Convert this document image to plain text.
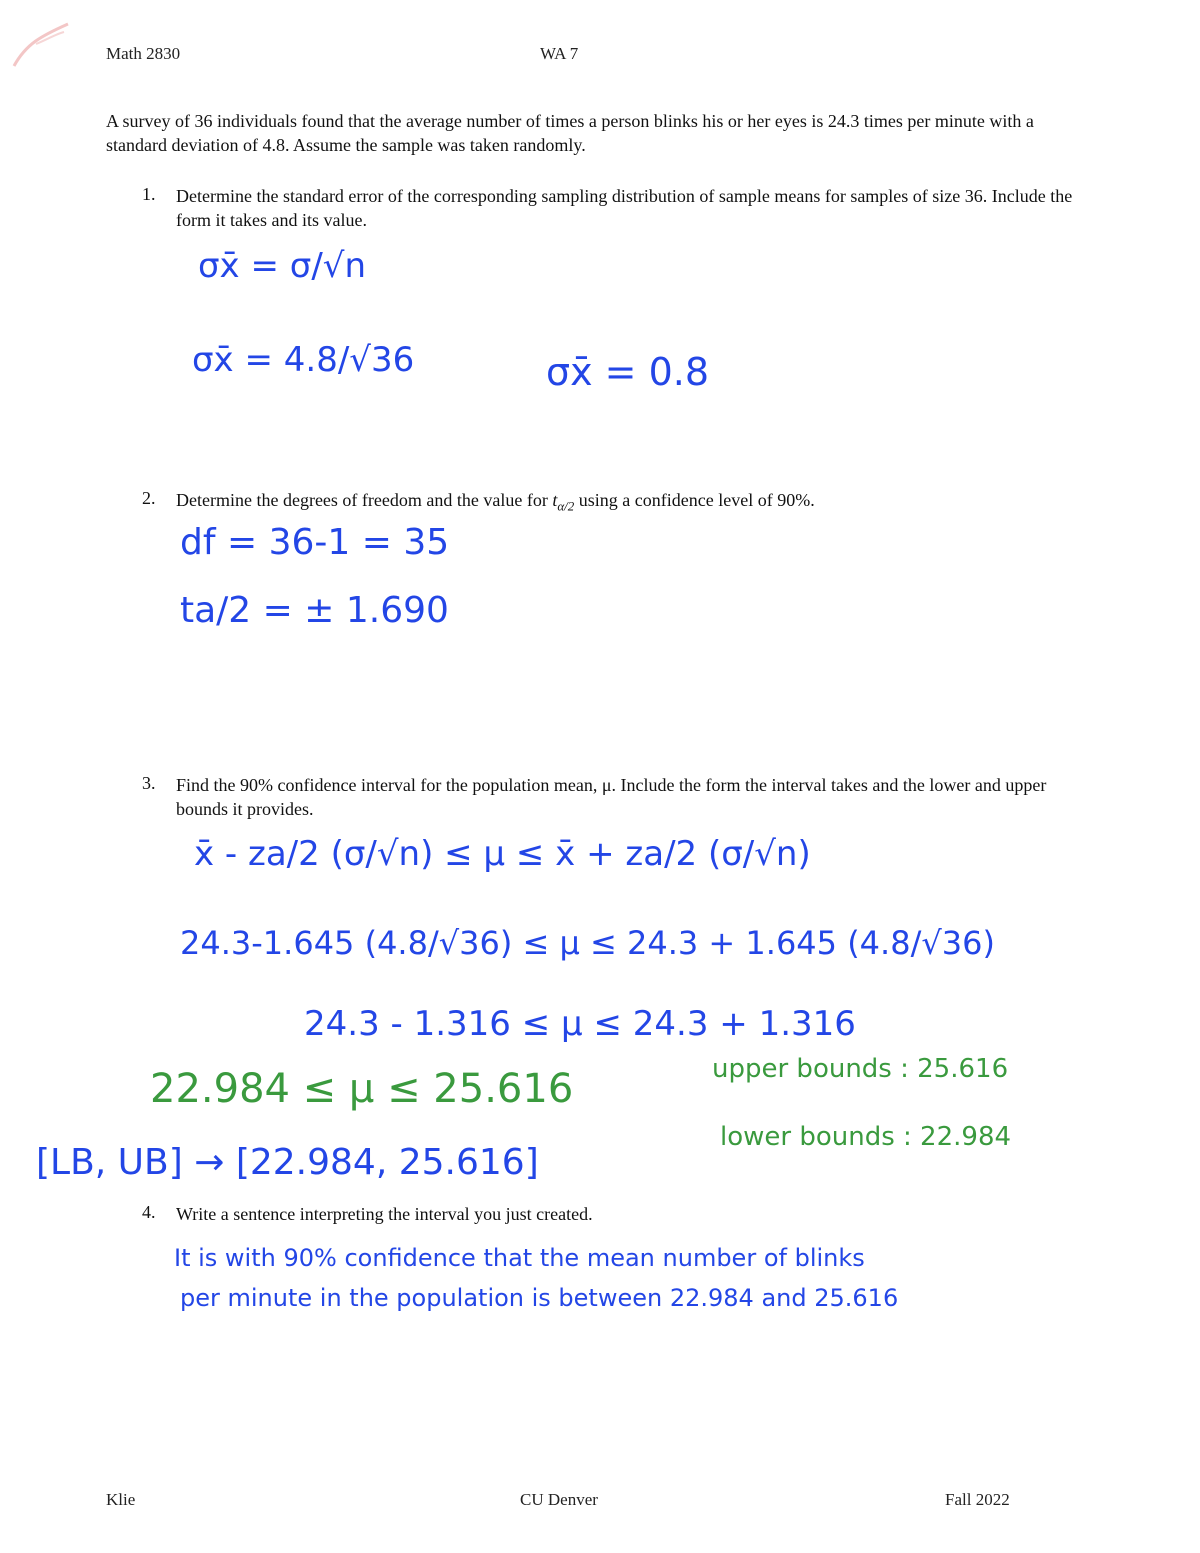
Math 2830	WA 7

A survey of 36 individuals found that the average number of times a person blinks his or her eyes is 24.3 times per minute with a standard deviation of 4.8. Assume the sample was taken randomly.

1. Determine the standard error of the corresponding sampling distribution of sample means for samples of size 36. Include the form it takes and its value.

σx̄ = σ/√n
σx̄ = 4.8/√36	σx̄ = 0.8
2. Determine the degrees of freedom and the value for $t_{\alpha/2}$ using a confidence level of 90%.

df = 36-1 = 35
ta/2 = ± 1.690
3. Find the 90% confidence interval for the population mean, μ. Include the form the interval takes and the lower and upper bounds it provides.

x̄ - za/2 (σ/√n) ≤ μ ≤ x̄ + za/2 (σ/√n)
24.3-1.645 (4.8/√36) ≤ μ ≤ 24.3 + 1.645 (4.8/√36)
24.3 - 1.316 ≤ μ ≤ 24.3 + 1.316
22.984 ≤ μ ≤ 25.616	upper bounds : 25.616
lower bounds : 22.984
[LB, UB] → [22.984, 25.616]
4. Write a sentence interpreting the interval you just created.

It is with 90% confidence that the mean number of blinks
per minute in the population is between 22.984 and 25.616
Klie	CU Denver	Fall 2022
